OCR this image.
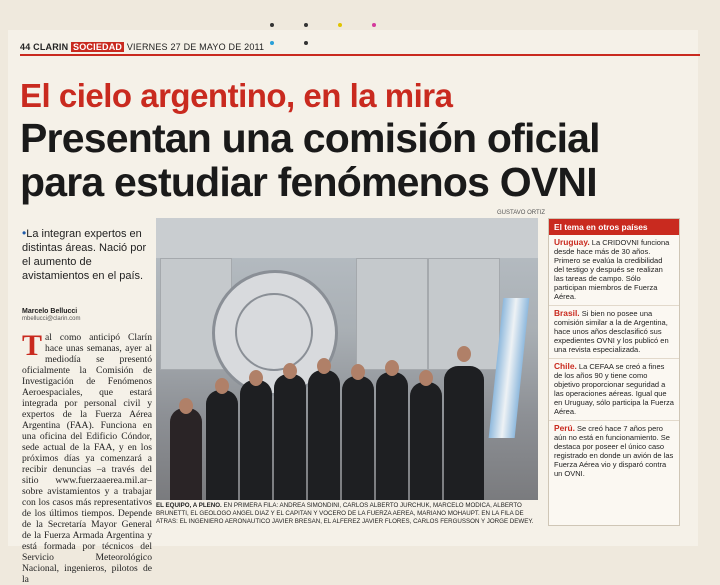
44 CLARIN SOCIEDAD VIERNES 27 DE MAYO DE 2011
El cielo argentino, en la mira
Presentan una comisión oficial para estudiar fenómenos OVNI
GUSTAVO ORTIZ
•La integran expertos en distintas áreas. Nació por el aumento de avistamientos en el país.
Marcelo Bellucci
mbellucci@clarin.com
Tal como anticipó Clarín hace unas semanas, ayer al mediodía se presentó oficialmente la Comisión de Investigación de Fenómenos Aeroespaciales, que estará integrada por personal civil y expertos de la Fuerza Aérea Argentina (FAA). Funciona en una oficina del Edificio Cóndor, sede actual de la FAA, y en los próximos días ya comenzará a recibir denuncias –a través del sitio www.fuerzaaerea.mil.ar– sobre avistamientos y a trabajar con los casos más representativos de los últimos tiempos. Depende de la Secretaría Mayor General de la Fuerza Armada Argentina y está formada por técnicos del Servicio Meteorológico Nacional, ingenieros, pilotos de la
EL EQUIPO, A PLENO. EN PRIMERA FILA: ANDREA SIMONDINI, CARLOS ALBERTO JURCHUK, MARCELO MODICA, ALBERTO BRUNETTI, EL GEOLOGO ANGEL DIAZ Y EL CAPITAN Y VOCERO DE LA FUERZA AEREA, MARIANO MOHAUPT. EN LA FILA DE ATRAS: EL INGENIERO AERONAUTICO JAVIER BRESAN, EL ALFEREZ JAVIER FLORES, CARLOS FERGUSSON Y JORGE DEWEY.
El tema en otros países
Uruguay. La CRIDOVNI funciona desde hace más de 30 años. Primero se evalúa la credibilidad del testigo y después se realizan las tareas de campo. Sólo participan miembros de Fuerza Aérea.
Brasil. Si bien no posee una comisión similar a la de Argentina, hace unos años desclasificó sus expedientes OVNI y los publicó en una revista especializada.
Chile. La CEFAA se creó a fines de los años 90 y tiene como objetivo proporcionar seguridad a las operaciones aéreas. Igual que en Uruguay, sólo participa la Fuerza Aérea.
Perú. Se creó hace 7 años pero aún no está en funcionamiento. Se destaca por poseer el único caso registrado en donde un avión de las Fuerza Aérea vio y disparó contra un OVNI.
